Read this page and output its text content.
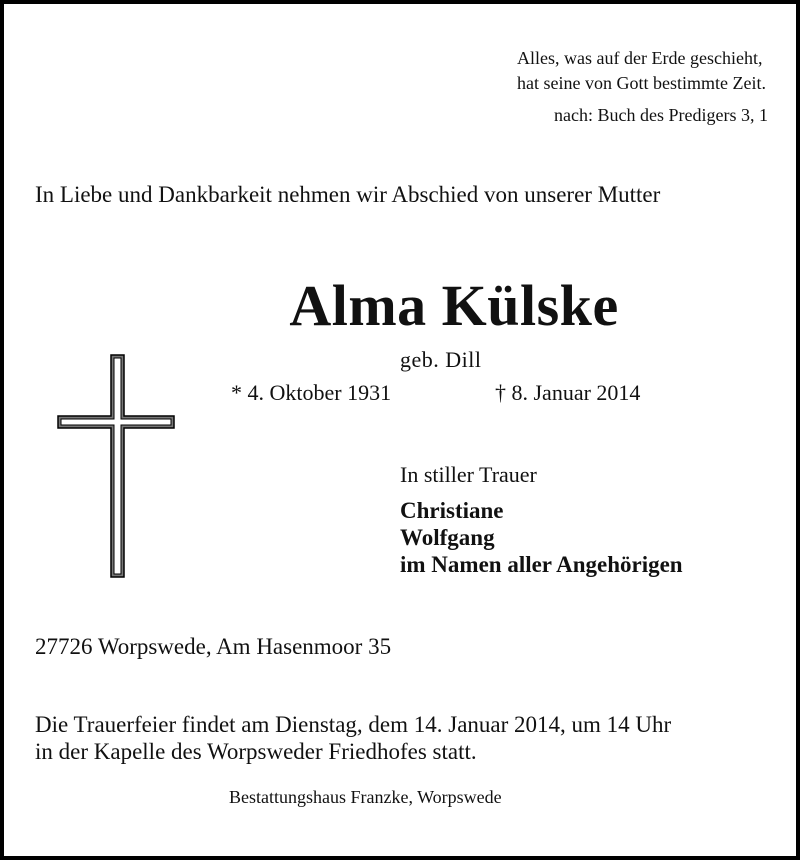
Alles, was auf der Erde geschieht,
hat seine von Gott bestimmte Zeit.
nach: Buch des Predigers 3, 1
In Liebe und Dankbarkeit nehmen wir Abschied von unserer Mutter
Alma Külske
geb. Dill
* 4. Oktober 1931	† 8. Januar 2014
In stiller Trauer
Christiane
Wolfgang
im Namen aller Angehörigen
27726 Worpswede, Am Hasenmoor 35
Die Trauerfeier findet am Dienstag, dem 14. Januar 2014, um 14 Uhr
in der Kapelle des Worpsweder Friedhofes statt.
Bestattungshaus Franzke, Worpswede
